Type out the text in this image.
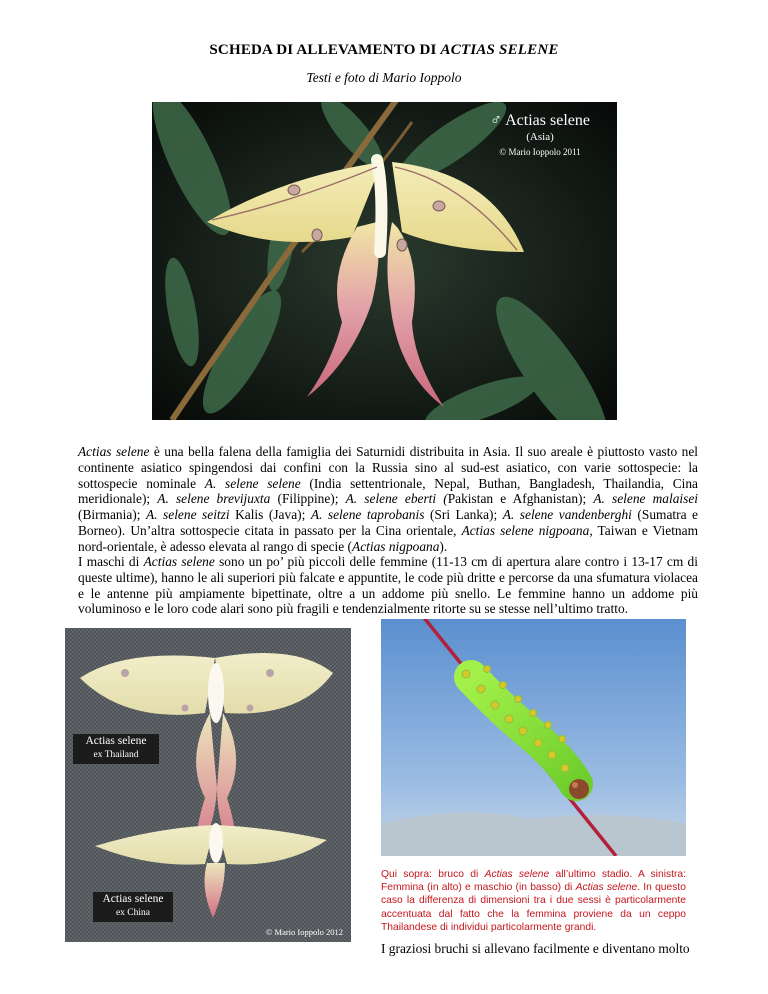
SCHEDA DI ALLEVAMENTO DI ACTIAS SELENE
Testi e foto di Mario Ioppolo
♂ Actias selene
(Asia)
© Mario Ioppolo 2011

Actias selene è una bella falena della famiglia dei Saturnidi distribuita in Asia. Il suo areale è piuttosto vasto nel continente asiatico spingendosi dai confini con la Russia sino al sud-est asiatico, con varie sottospecie: la sottospecie nominale A. selene selene (India settentrionale, Nepal, Buthan, Bangladesh, Thailandia, Cina meridionale); A. selene brevijuxta (Filippine); A. selene eberti (Pakistan e Afghanistan); A. selene malaisei (Birmania); A. selene seitzi Kalis (Java); A. selene taprobanis (Sri Lanka); A. selene vandenberghi (Sumatra e Borneo). Un’altra sottospecie citata in passato per la Cina orientale, Actias selene nigpoana, Taiwan e Vietnam nord-orientale, è adesso elevata al rango di specie (Actias nigpoana).

I maschi di Actias selene sono un po’ più piccoli delle femmine (11-13 cm di apertura alare contro i 13-17 cm di queste ultime), hanno le ali superiori più falcate e appuntite, le code più dritte e percorse da una sfumatura violacea e le antenne più ampiamente bipettinate, oltre a un addome più snello. Le femmine hanno un addome più voluminoso e le loro code alari sono più fragili e tendenzialmente ritorte su se stesse nell’ultimo tratto.

Actias selene
ex Thailand
Actias selene
ex China
© Mario Ioppolo 2012
Qui sopra: bruco di Actias selene all’ultimo stadio. A sinistra: Femmina (in alto) e maschio (in basso) di Actias selene. In questo caso la differenza di dimensioni tra i due sessi è particolarmente accentuata dal fatto che la femmina proviene da un ceppo Thailandese di individui particolarmente grandi.
I graziosi bruchi si allevano facilmente e diventano molto
